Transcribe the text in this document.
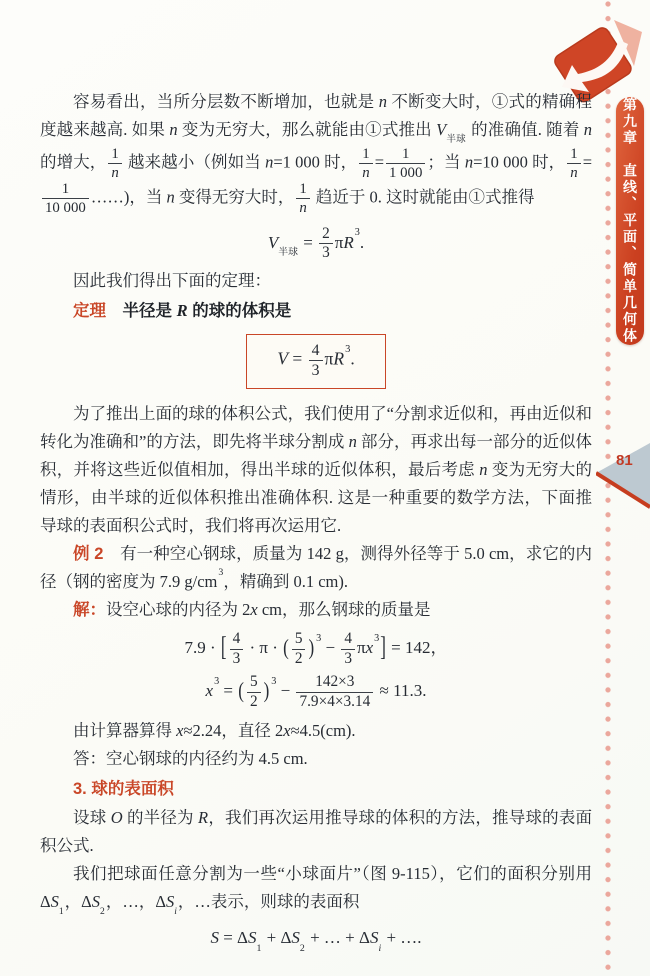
第九章　直线、平面、简单几何体
81

容易看出，当所分层数不断增加，也就是 n 不断变大时，①式的精确程度越来越高. 如果 n 变为无穷大，那么就能由①式推出 $V_{半球}$ 的准确值. 随着 n 的增大， $\frac{1}{n}$ 越来越小（例如当 n=1 000 时， $\frac{1}{n} = \frac{1}{1 000}$ ；当 n=10 000 时， $\frac{1}{n}$ =
$\frac{1}{10 000}$ ……)，当 n 变得无穷大时， $\frac{1}{n}$ 趋近于 0. 这时就能由①式推得

$V_{半球} = \frac{2}{3} \pi R^3$.

因此我们得出下面的定理：

定理　半径是 R 的球的体积是

$V = \frac{4}{3} \pi R^3$.

为了推出上面的球的体积公式，我们使用了“分割求近似和，再由近似和转化为准确和”的方法，即先将半球分割成 n 部分，再求出每一部分的近似体积，并将这些近似值相加，得出半球的近似体积，最后考虑 n 变为无穷大的情形，由半球的近似体积推出准确体积. 这是一种重要的数学方法，下面推导球的表面积公式时，我们将再次运用它.

例 2　有一种空心钢球，质量为 142 g，测得外径等于 5.0 cm，求它的内径（钢的密度为 7.9 $g/cm^3$，精确到 0.1 cm).

解：设空心球的内径为 2x cm，那么钢球的质量是

7.9 · [ $\frac{4}{3} \cdot \pi$ · ( $\frac{5}{2}$ ) $^3 - \frac{4}{3} \pi x^3] = 142$，
$x^3$ = ( $\frac{5}{2}$ ) $^3 - \frac{142\times 3}{7.9\times 4\times 3.14} \approx 11.3$.

由计算器算得 x≈2.24，直径 2x≈4.5(cm).

答：空心钢球的内径约为 4.5 cm.

3. 球的表面积

设球 O 的半径为 R，我们再次运用推导球的体积的方法，推导球的表面积公式.

我们把球面任意分割为一些“小球面片”（图 9-115），它们的面积分别用 $\Delta S_1$，$\Delta S_2$，…，$\Delta S_i$，…表示，则球的表面积

$S = \Delta S_1 + \Delta S_2$ + … + $\Delta S_i$ + ….
